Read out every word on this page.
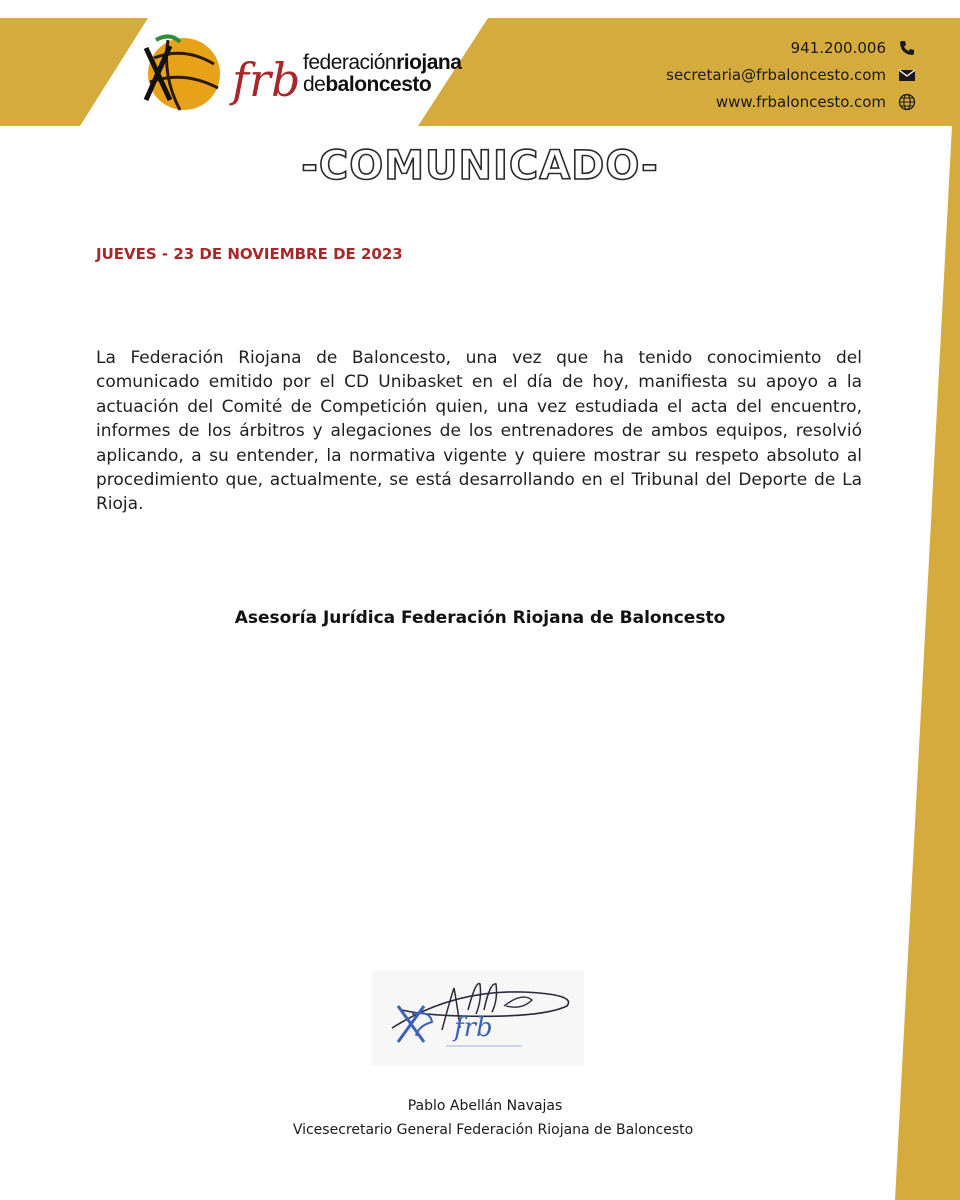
frb federaciónriojana
debaloncesto
941.200.006
secretaria@frbaloncesto.com
www.frbaloncesto.com
-COMUNICADO-
JUEVES - 23 DE NOVIEMBRE DE 2023
La Federación Riojana de Baloncesto, una vez que ha tenido conocimiento del comunicado emitido por el CD Unibasket en el día de hoy, manifiesta su apoyo a la actuación del Comité de Competición quien, una vez estudiada el acta del encuentro, informes de los árbitros y alegaciones de los entrenadores de ambos equipos, resolvió aplicando, a su entender, la normativa vigente y quiere mostrar su respeto absoluto al procedimiento que, actualmente, se está desarrollando en el Tribunal del Deporte de La Rioja.
Asesoría Jurídica Federación Riojana de Baloncesto
frb
Pablo Abellán Navajas
Vicesecretario General Federación Riojana de Baloncesto
